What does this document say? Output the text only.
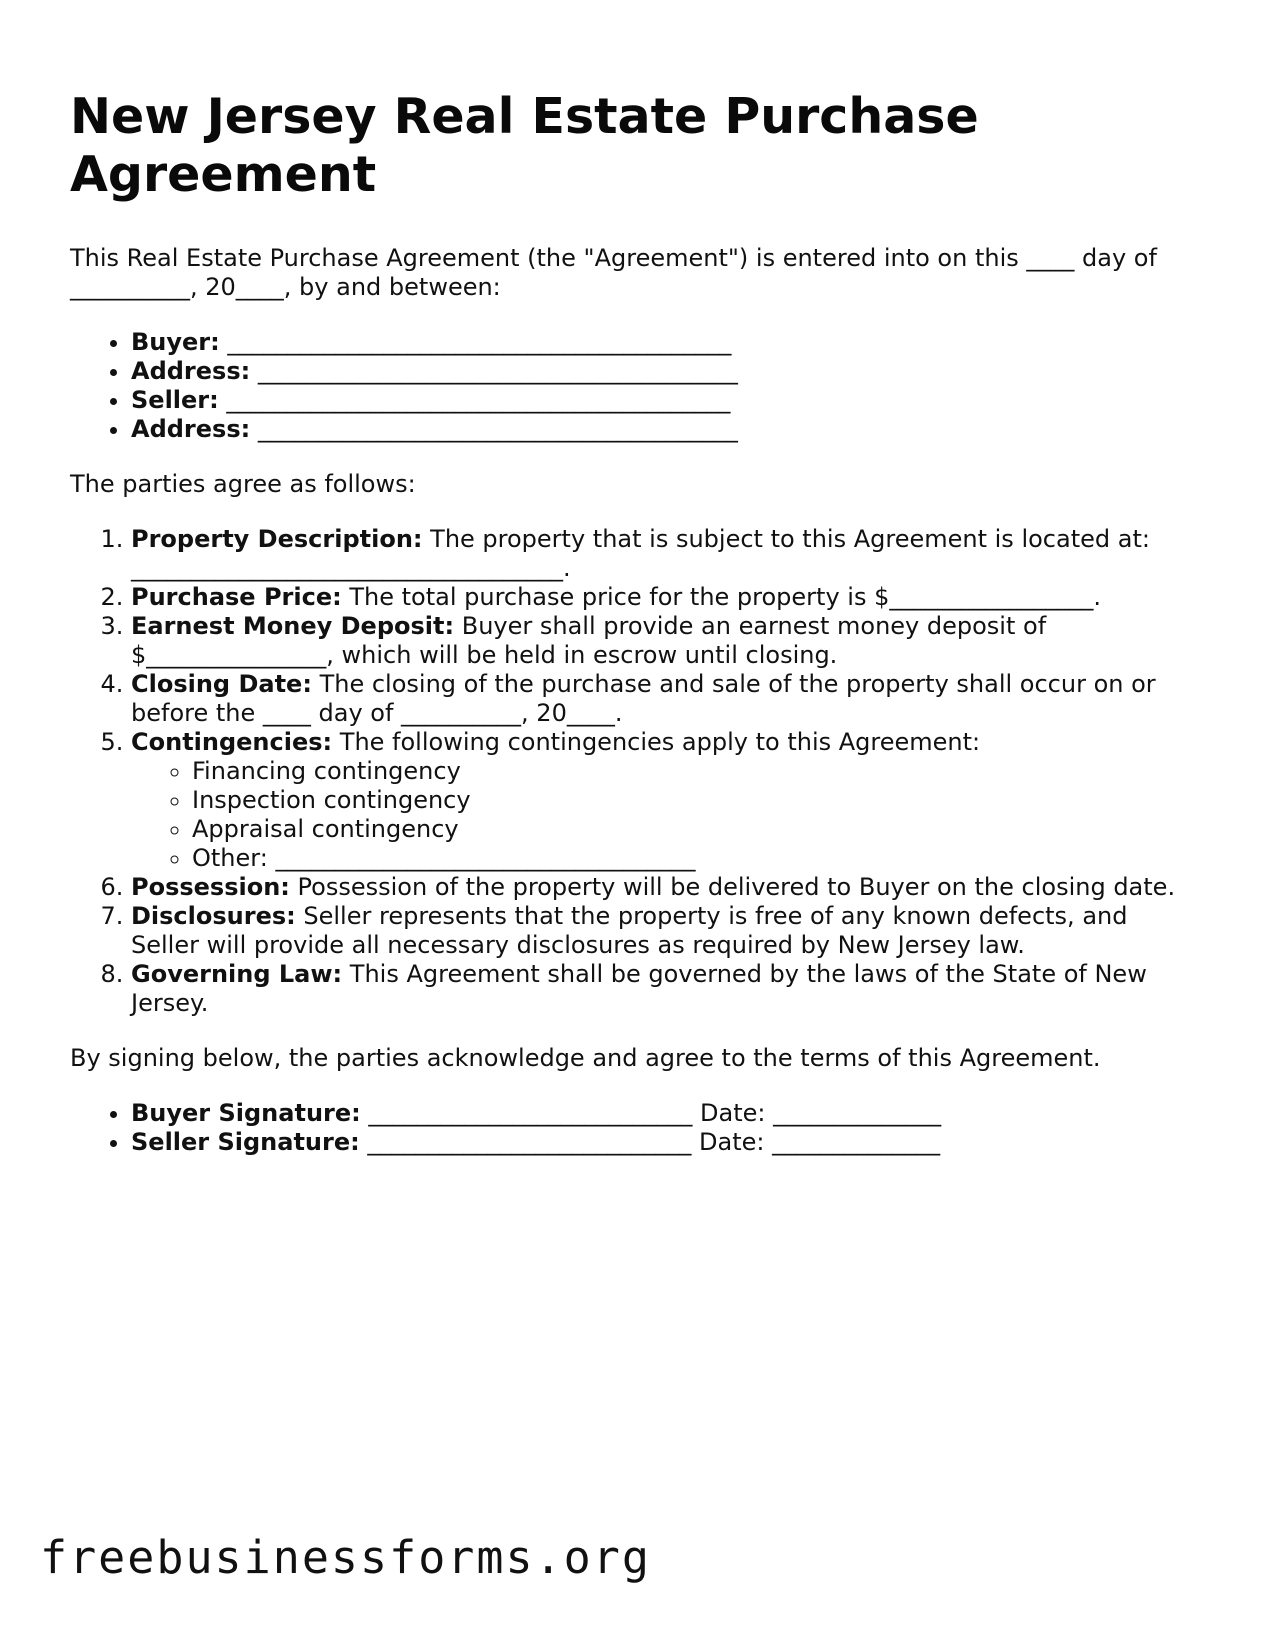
New Jersey Real Estate Purchase Agreement

This Real Estate Purchase Agreement (the "Agreement") is entered into on this ____ day of __________, 20____, by and between:

• Buyer: __________________________________________
• Address: ________________________________________
• Seller: __________________________________________
• Address: ________________________________________

The parties agree as follows:

1. Property Description: The property that is subject to this Agreement is located at: ____________________________________.
2. Purchase Price: The total purchase price for the property is $_________________.
3. Earnest Money Deposit: Buyer shall provide an earnest money deposit of $_______________, which will be held in escrow until closing.
4. Closing Date: The closing of the purchase and sale of the property shall occur on or before the ____ day of __________, 20____.
5. Contingencies: The following contingencies apply to this Agreement:
◦ Financing contingency
◦ Inspection contingency
◦ Appraisal contingency
◦ Other: ___________________________________
6. Possession: Possession of the property will be delivered to Buyer on the closing date.
7. Disclosures: Seller represents that the property is free of any known defects, and Seller will provide all necessary disclosures as required by New Jersey law.
8. Governing Law: This Agreement shall be governed by the laws of the State of New Jersey.

By signing below, the parties acknowledge and agree to the terms of this Agreement.

• Buyer Signature: ___________________________ Date: ______________
• Seller Signature: ___________________________ Date: ______________
freebusinessforms.org
